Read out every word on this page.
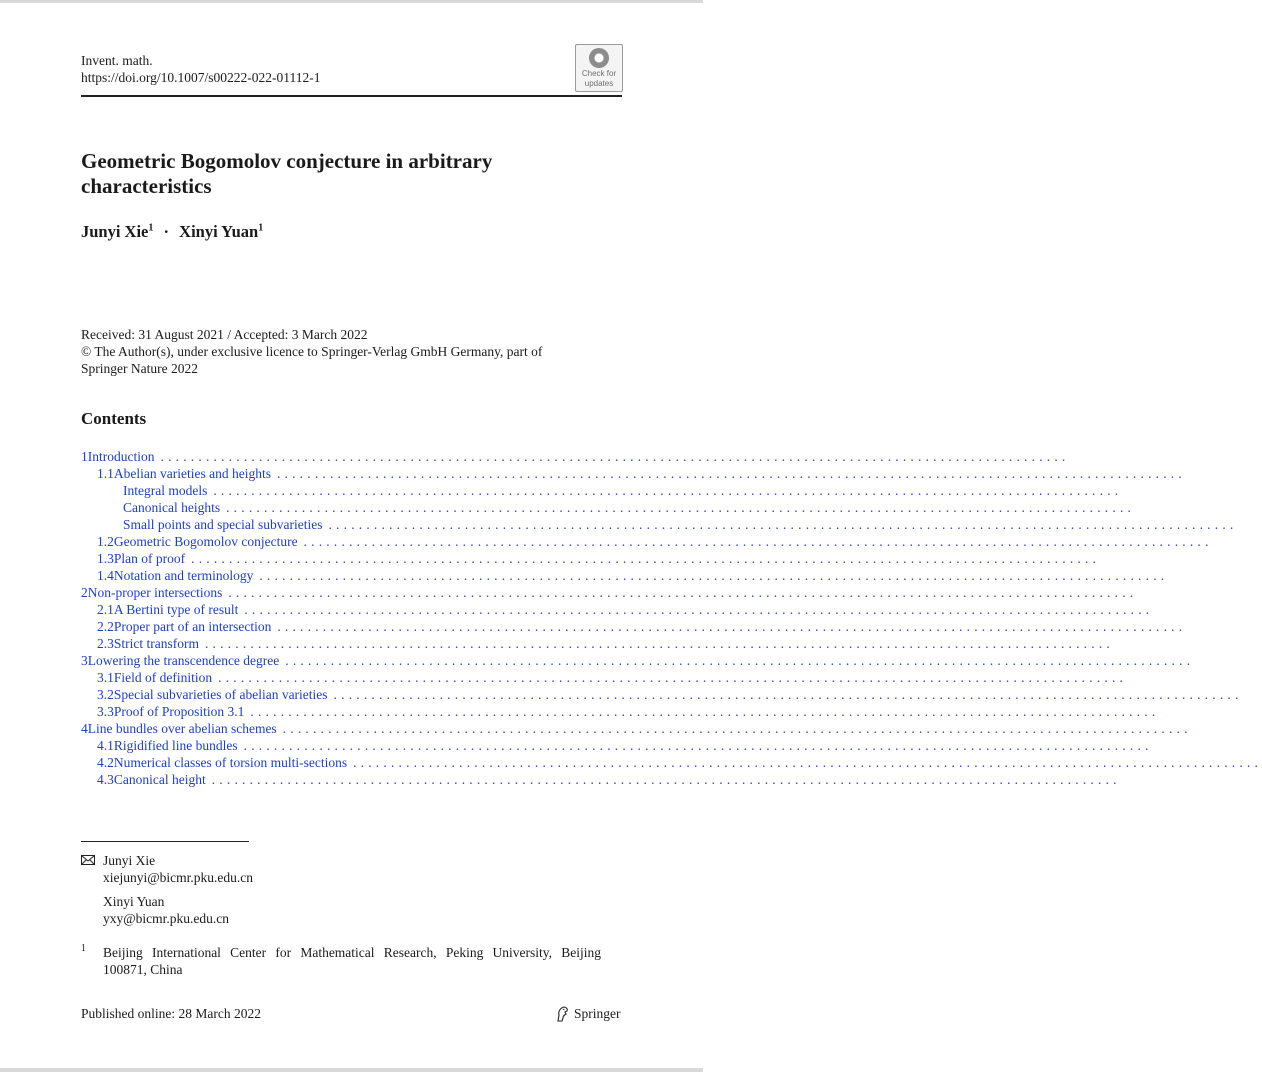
Invent. math.
https://doi.org/10.1007/s00222-022-01112-1	Check for
updates
Geometric Bogomolov conjecture in arbitrary characteristics
Junyi Xie$^1$ · Xinyi Yuan$^1$
Received: 31 August 2021 / Accepted: 3 March 2022
© The Author(s), under exclusive licence to Springer-Verlag GmbH Germany, part of
Springer Nature 2022
Contents
1 Introduction ........................................................................................................................
1.1 Abelian varieties and heights ........................................................................................................................
Integral models ........................................................................................................................
Canonical heights ........................................................................................................................
Small points and special subvarieties ........................................................................................................................
1.2 Geometric Bogomolov conjecture ........................................................................................................................
1.3 Plan of proof ........................................................................................................................
1.4 Notation and terminology ........................................................................................................................
2 Non-proper intersections ........................................................................................................................
2.1 A Bertini type of result ........................................................................................................................
2.2 Proper part of an intersection ........................................................................................................................
2.3 Strict transform ........................................................................................................................
3 Lowering the transcendence degree ........................................................................................................................
3.1 Field of definition ........................................................................................................................
3.2 Special subvarieties of abelian varieties ........................................................................................................................
3.3 Proof of Proposition 3.1 ........................................................................................................................
4 Line bundles over abelian schemes ........................................................................................................................
4.1 Rigidified line bundles ........................................................................................................................
4.2 Numerical classes of torsion multi-sections ........................................................................................................................
4.3 Canonical height ........................................................................................................................
Junyi Xie
xiejunyi@bicmr.pku.edu.cn
Xinyi Yuan
yxy@bicmr.pku.edu.cn
1 Beijing International Center for Mathematical Research, Peking University, Beijing 100871, China
Published online: 28 March 2022	Springer
